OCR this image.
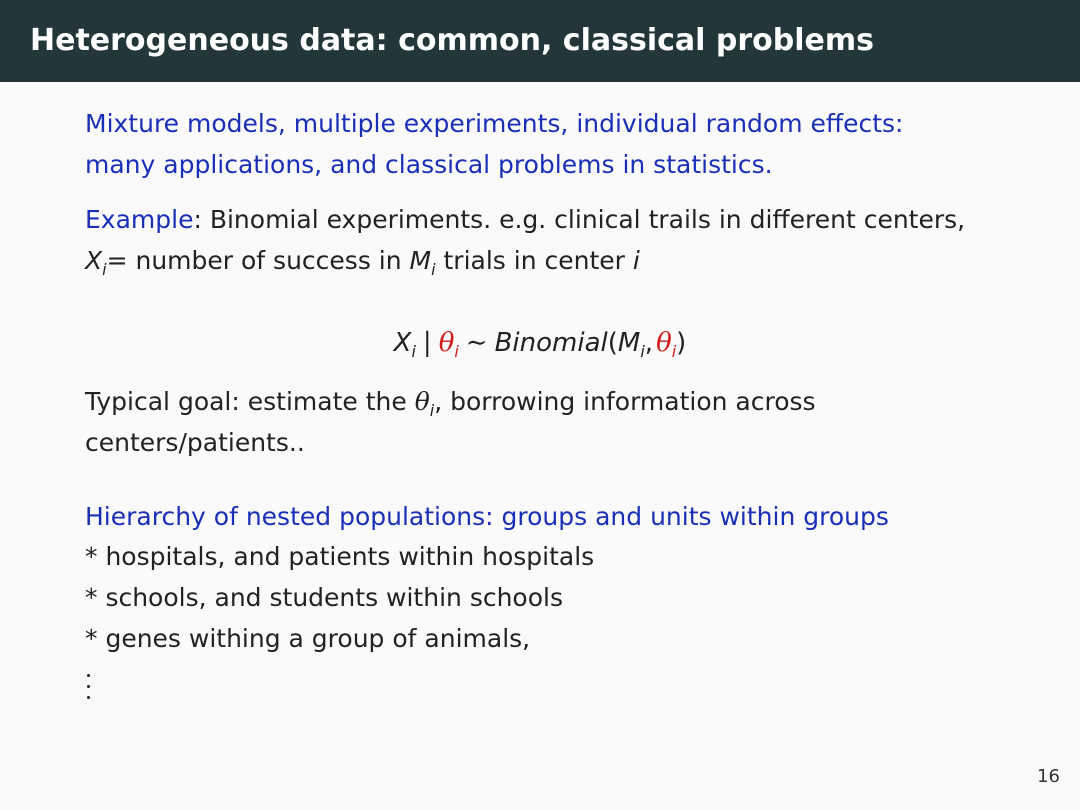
Heterogeneous data: common, classical problems

Mixture models, multiple experiments, individual random effects:

many applications, and classical problems in statistics.

Example: Binomial experiments. e.g. clinical trails in different centers,

$X_i=$ number of success in $M_i$ trials in center i

$X_i$ | $\theta_i$ ∼ $Binomial(M_i$, $\theta_i$)

Typical goal: estimate the $\theta_i$, borrowing information across

centers/patients..

Hierarchy of nested populations: groups and units within groups

* hospitals, and patients within hospitals

* schools, and students within schools

* genes withing a group of animals,

16
